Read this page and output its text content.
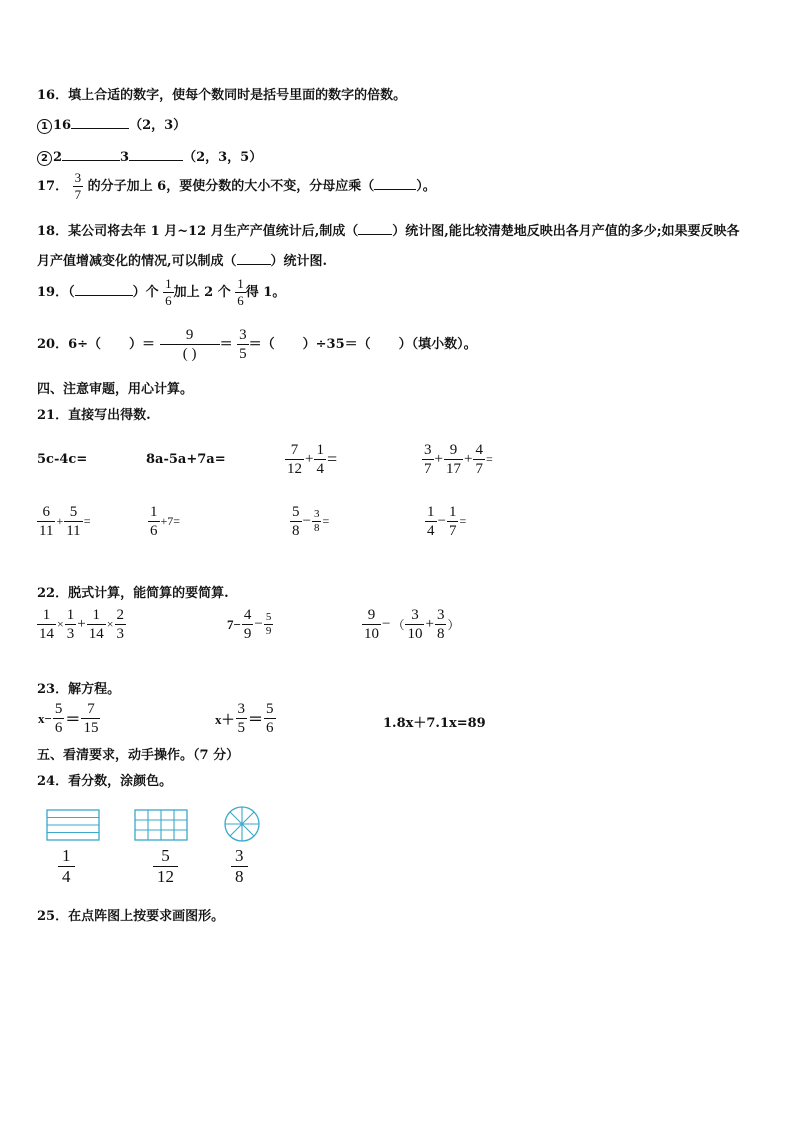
16．填上合适的数字，使每个数同时是括号里面的数字的倍数。
1 16	（2，3）
2 2	3	（2，3，5）
17． $\frac{3}{7}$ 的分子加上 6，要使分数的大小不变，分母应乘（	）。
18．某公司将去年 1 月~12 月生产产值统计后,制成（	）统计图,能比较清楚地反映出各月产值的多少;如果要反映各
月产值增减变化的情况,可以制成（	）统计图.
19．（	）个 $\frac{1}{6}$ 加上 2 个 $\frac{1}{6}$ 得 1。
20．6÷（ ）＝ $\frac{9}{( )} = \frac{3}{5}$ ＝（ ）÷35＝（ ）（填小数）。
四、注意审题，用心计算。
21．直接写出得数.
5c-4c=	8a-5a+7a=	$\frac{7}{12} + \frac{1}{4}$ =	$\frac{3}{7} + \frac{9}{17} + \frac{4}{7}$ =
$\frac{6}{11} + \frac{5}{11}$ =	$\frac{1}{6} +7=$	$\frac{5}{8} - \frac{3}{8}$ =	$\frac{1}{4} - \frac{1}{7}$ =
22．脱式计算，能简算的要简算.
$\frac{1}{14} \times \frac{1}{3} + \frac{1}{14} \times \frac{2}{3}$	$7- \frac{4}{9} - \frac{5}{9}$	$\frac{9}{10}$ − （ $\frac{3}{10} + \frac{3}{8}$ ）
23．解方程。
$x- \frac{5}{6} = \frac{7}{15}$	$x+ \frac{3}{5} = \frac{5}{6}$	1.8x＋7.1x=89
五、看清要求，动手操作。（7 分）
24．看分数，涂颜色。
$\frac{1}{4}$	$\frac{5}{12}$	$\frac{3}{8}$
25．在点阵图上按要求画图形。
